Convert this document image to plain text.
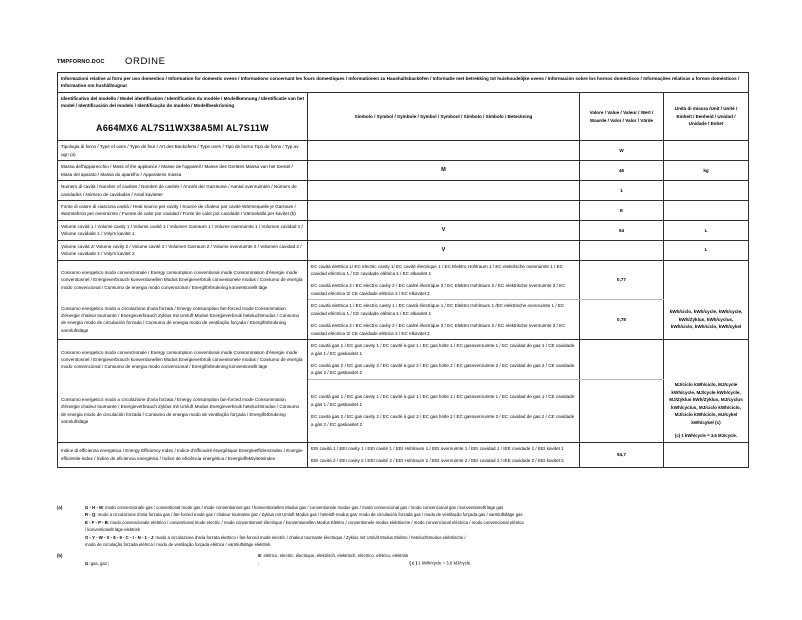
TMPFORNO.DOC ORDINE
Informazioni relative ai forni per uso domestico / Information for domestic ovens / Informations concernant les fours domestiques / Informationen zu Haushaltsbacköfen / Informatie met betrekking tot huishoudelijke ovens / Información sobre los hornos domésticos / Informações relativas a fornos domésticos / Information om hushållsugnar			

Identificativo del modello / Model identification / Identification du modèle / Modellkennung / Identificatie van het model / Identificación del modelo / Identificação do modelo / Modellbeskrivning
A664MX6 AL7S11WX38A5MI AL7S11W	Simbolo / Symbol / Symbole / Symbol / Symbool / Símbolo / Símbolo / Beteckning	Valore / Value / Valeur / Wert / Waarde / Valor / Valor / Värde	Unità di misura /Unit / Unité / Einheit / Eenheid / Unidad / Unidade / Enhet
Tipologia di forno / Type of oven / Type de four / Art des Backofens / Type oven / Tipo de horno Tipo de forno / Typ av ugn (a)		W	
Massa dell'apparecchio / Mass of the appliance / Masse de l'appareil / Masse des Gerätes Massa van het toestel / Masa del aparato / Massa do aparelho / Apparatens massa	M	46	kg
Numero di cavità / Number of cavities / Nombre de cavités / Anzahl der Garräume / Aantal ovenruimten / Número de cavidades / Número de cavidades / Antal kaviteter		1	
Fonte di calore di ciascuna cavità / Heat source per cavity / Source de chaleur par cavité Wärmequelle je Garraum / Warmtebron per ovenruimte / Fuente de calor por cavidad / Fonte de calor por cavidade / Värmekälla per kavitet (b)		E	
Volume cavità 1 / Volume cavity 1 / Volume cavité 1 / Volumen Garraum 1 / Volume ovenruimte 1 / Volumen cavidad 1 / Volume cavidade 1 / Volym kavitet 1	V	64	L
Volume cavità 2/ Volume cavity 2 / Volume cavité 2 / Volumen Garraum 2 / Volume ovenruimte 2 / Volumen cavidad 2 / Volume cavidade 2 / Volym kavitet 2	V		L
Consumo energetico modo convenzionale / Energy consumption conventional mode Consommation d'énergie mode conventionnel / Energieverbrauch konventionellen Modus Energieverbruik conventionele modus / Consumo de energía modo convencional / Consumo de energia modo convencional / Energiförbrukning konventionellt läge	

EC cavità elettrica 1/ EC electric cavity 1/ EC cavité électrique 1 / EC Elektro Hohlraum 1 / EC elektrische ovenruimte 1 / EC cavidad eléctrica 1 / CE cavidade elétrica 1 / EC elkavitet 1

EC cavità elettrica 2 / EC electric cavity 2 / EC cavité électrique 2 / EC Elektro Hohlraum 2 / EC elektrische ovenruimte 2 / EC cavidad eléctrica 2/ CE cavidade elétrica 2 / EC elkavitet 2

	0,77	
Consumo energetico modo a circolazione d'aria forzata / Energy consumption fan-forced mode Consommation d'énergie chaleur tournante / Energieverbrauch Zyklus mit Umluft Modus Energieverbruik heteluchtmodus / Consumo de energía modo de circulación forzada / Consumo de energia modo de ventilação forçada / Energiförbrukning varmluftsläge	

EC cavità elettrica 1 / EC electric cavity 1 / EC cavità électrique 1 / EC Elektro Hohlraum 1 /EC elektrische ovenruimte 1 / EC cavidad eléctrica 1 / CE cavidade elétrica 1 / EC elkavitet 1

EC cavità elettrica 2 / EC electric cavity 2 / EC cavité électrique 2 / EC Elektro Hohlraum 2 / EC elektrische ovenruimte 2 / EC cavidad eléctrica 2/ CE cavidade elétrica 2 / EC elkavitet 2

	0,78	kWh/ciclo, kWh/cycle, kWh/cycle, kWh/Zyklus, kWh/cyclus, kWh/ciclo, kWh/ciclo, kWh/cykel
Consumo energetico modo convenzionale / Energy consumption conventional mode Consommation d'énergie mode conventionnel / Energieverbrauch konventionellen Modus Energieverbruik conventionele modus / Consumo de energía modo convencional / Consumo de energia modo convencional / Energiförbrukning konventionellt läge	

EC cavità gas 1 / EC gas cavity 1 / EC cavité à gaz 1 / EC gas holte 1 / EC gasovenruimte 1 / EC cavidad de gas 1 / CE cavidade a gás 1 / EC gaskavitet 1

EC cavità gas 2 / EC gas cavity 2 / EC cavité à gaz 2 / EC gas holte 2 / EC gasovenruimte 2 / EC cavidad de gas 2 / CE cavidade a gás 2 / EC gaskavitet 2

Consumo energetico modo a circolazione d'aria forzata / Energy consumption fan-forced mode Consommation d'énergie chaleur tournante / Energieverbrauch Zyklus mit Umluft Modus Energieverbruik heteluchtmodus / Consumo de energia modo de circulación forzada / Consumo de energia modo de ventilação forçada / Energiförbrukning varmluftsläge	

EC cavità gas 1 / EC gas cavity 1 / EC cavité à gaz 1 / EC gas holte 1 / EC gasovenruimte 1 / EC cavidad de gas 1 / CE cavidade a gás 1 / EC gaskavitet 1

EC cavità gas 2 / EC gas cavity 2 / EC cavité à gaz 2 / EC gas holte 2 / EC gasovenruimte 2 / EC cavidad de gas 2 / CE cavidade a gás 2 / EC gaskavitet 2

		MJ/ciclo kWh/ciclo, MJ/cycle kWh/cycle, MJ/cycle kWh/cycle, MJ/Zyklus kWh/Zyklus, MJ/cyclus kWh/cyclus, MJ/ciclo kWh/ciclo, MJ/ciclo kWh/ciclo, MJ/cykel kWh/cykel (c)
(c) 1 kWh/cycle = 3,6 MJ/cycle.

Indice di efficienza energetica / Energy Efficiency Index / Indice d'efficacité énergétique Energieeffizienzindex / Energie-efficiëntie-index / Índice de eficiencia energética / Índice de eficiência energética / Energieffektivitetsindex	

EEI cavità 1 / EEI cavity 1 / EEI cavité 1 / EEI Hohlraum 1 / EEI ovenruimte 1 / EEI cavidad 1 / IEE cavidade 1 / EEI kavitet 1

EEI cavità 2 / EEI cavity 2 / EEI cavité 2 / EEI Hohlraum 2 / EEI ovenruimte 2 / EEI cavidad 2 / IEE cavidade 2 / EEI kavitet 2

	94,7	
(a)	G - H - M: modo convenzionale gas / conventional mode gas / mode conventionnel gaz / konventionellen Modus gas / conventionele modus gas / modo convencional gas / modo convencional gas / konventionellt läge gas
R - Q: modo a circolazione d'aria forzata gas / fan-forced mode gas / chaleur tournante gaz / Zyklus mit Umluft Modus gas / heteluft-modus gas' modo de circulación forzada gas / modo de ventilação forçada gas / varmluftsläge gas
E - F - P - B: modo convenzionale elettrico / conventional mode electric / mode conventionnel électrique / konventionellen Modus Elektro / conventionele modus elektrische / modo convencional eléctrica / modo convencional elétrica
/ konventionellt läge elektrisk
O - Y - W - X - 8 - 9 - C - I - N - 1 - J: modo a circolazione d'aria forzata elettrico / fan-forced mode electric / chaleur tournante électrique / Zyklus mit Umluft Modus Elektro / heteluchtmodus elektrische /
modo de circulação forzada elétrica / modo de ventilação forçada elétrica / varmluftsläge elektrisk
(b)
G: gas, gaz ; E: elétrico, electric, électrique, elektrisch, elektrisch, eléctrico, elétrico, elektrisk ;	( c ) 1 kWh/cycle = 3,6 MJ/cycle.
